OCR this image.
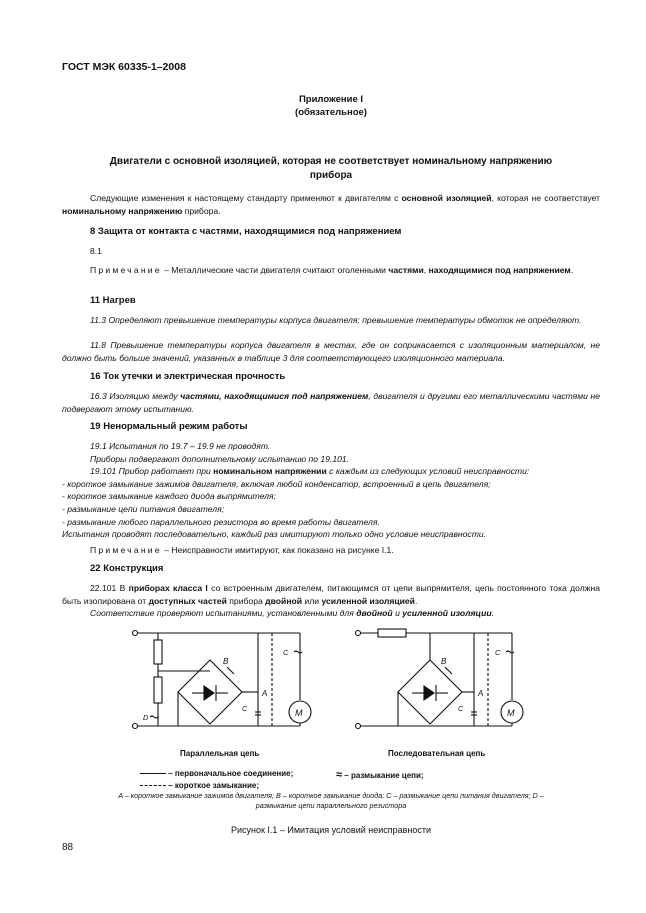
ГОСТ МЭК 60335-1–2008
Приложение I
(обязательное)
Двигатели с основной изоляцией, которая не соответствует номинальному напряжению
прибора
Следующие изменения к настоящему стандарту применяют к двигателям с основной изоляцией, которая не соответствует номинальному напряжению прибора.
8 Защита от контакта с частями, находящимися под напряжением
8.1
Примечание – Металлические части двигателя считают оголенными частями, находящимися под напряжением.
11 Нагрев
11.3 Определяют превышение температуры корпуса двигателя; превышение температуры обмоток не определяют.
11.8 Превышение температуры корпуса двигателя в местах, где он соприкасается с изоляционным материалом, не должно быть больше значений, указанных в таблице 3 для соответствующего изоляционного материала.
16 Ток утечки и электрическая прочность
16.3 Изоляцию между частями, находящимися под напряжением, двигателя и другими его металлическими частями не подвергают этому испытанию.
19 Ненормальный режим работы
19.1 Испытания по 19.7 – 19.9 не проводят.
Приборы подвергают дополнительному испытанию по 19.101.
19.101 Прибор работает при номинальном напряжении с каждым из следующих условий неисправности:
- короткое замыкание зажимов двигателя, включая любой конденсатор, встроенный в цепь двигателя;
- короткое замыкание каждого диода выпрямителя;
- размыкание цепи питания двигателя;
- размыкание любого параллельного резистора во время работы двигателя.
Испытания проводят последовательно, каждый раз имитируют только одно условие неисправности.
Примечание – Неисправности имитируют, как показано на рисунке I.1.
22 Конструкция
22.101 В приборах класса I со встроенным двигателем, питающимся от цепи выпрямителя, цепь постоянного тока должна быть изолирована от доступных частей прибора двойной или усиленной изоляцией.
Соответствие проверяют испытаниями, установленными для двойной и усиленной изоляции.
B
A
C
C
M
D
B
A
C
C
M
Параллельная цепь	Последовательная цепь
– первоначальное соединение;
– короткое замыкание;
≈ – размыкание цепи;
A – короткое замыкание зажимов двигателя; B – короткое замыкание диода; C – размыкание цепи питания двигателя; D –
размыкание цепи параллельного резистора
Рисунок I.1 – Имитация условий неисправности
88
